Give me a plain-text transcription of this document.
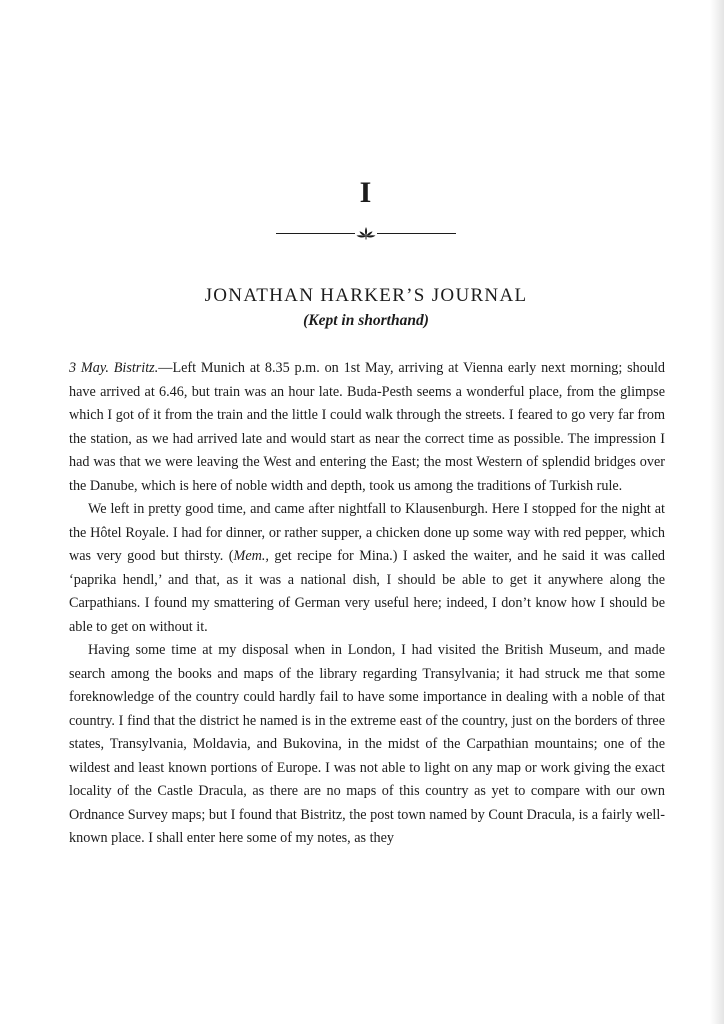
I
JONATHAN HARKER’S JOURNAL
(Kept in shorthand)

3 May. Bistritz.—Left Munich at 8.35 p.m. on 1st May, arriving at Vienna early next morning; should have arrived at 6.46, but train was an hour late. Buda-Pesth seems a wonderful place, from the glimpse which I got of it from the train and the little I could walk through the streets. I feared to go very far from the station, as we had arrived late and would start as near the correct time as possible. The impression I had was that we were leaving the West and entering the East; the most Western of splendid bridges over the Danube, which is here of noble width and depth, took us among the traditions of Turkish rule.

We left in pretty good time, and came after nightfall to Klausenburgh. Here I stopped for the night at the Hôtel Royale. I had for dinner, or rather supper, a chicken done up some way with red pepper, which was very good but thirsty. (Mem., get recipe for Mina.) I asked the waiter, and he said it was called ‘paprika hendl,’ and that, as it was a national dish, I should be able to get it anywhere along the Carpathians. I found my smattering of German very useful here; indeed, I don’t know how I should be able to get on without it.

Having some time at my disposal when in London, I had visited the British Museum, and made search among the books and maps of the library regarding Transylvania; it had struck me that some foreknowledge of the country could hardly fail to have some importance in dealing with a noble of that country. I find that the district he named is in the extreme east of the country, just on the borders of three states, Transylvania, Moldavia, and Bukovina, in the midst of the Carpathian mountains; one of the wildest and least known portions of Europe. I was not able to light on any map or work giving the exact locality of the Castle Dracula, as there are no maps of this country as yet to compare with our own Ordnance Survey maps; but I found that Bistritz, the post town named by Count Dracula, is a fairly well-known place. I shall enter here some of my notes, as they
